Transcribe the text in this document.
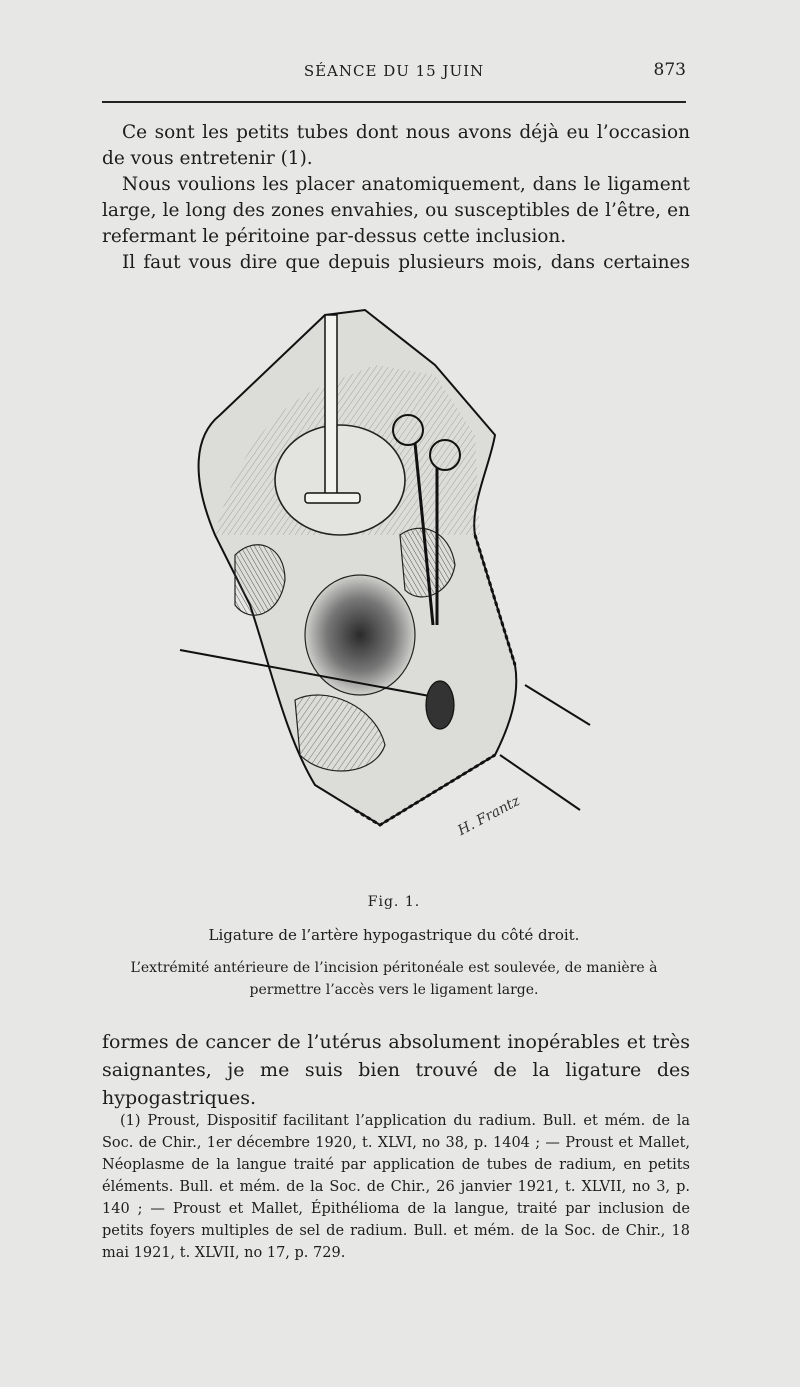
SÉANCE DU 15 JUIN	873

Ce sont les petits tubes dont nous avons déjà eu l’occasion de vous entretenir (1).

Nous voulions les placer anatomiquement, dans le ligament large, le long des zones envahies, ou susceptibles de l’être, en refermant le péritoine par-dessus cette inclusion.

Il faut vous dire que depuis plusieurs mois, dans certaines

H. Frantz
Fig. 1.
Ligature de l’artère hypogastrique du côté droit.
L’extrémité antérieure de l’incision péritonéale est soulevée, de manière à permettre l’accès vers le ligament large.

formes de cancer de l’utérus absolument inopérables et très saignantes, je me suis bien trouvé de la ligature des hypogastriques.

(1) Proust, Dispositif facilitant l’application du radium. Bull. et mém. de la Soc. de Chir., 1er décembre 1920, t. XLVI, no 38, p. 1404 ; — Proust et Mallet, Néoplasme de la langue traité par application de tubes de radium, en petits éléments. Bull. et mém. de la Soc. de Chir., 26 janvier 1921, t. XLVII, no 3, p. 140 ; — Proust et Mallet, Épithélioma de la langue, traité par inclusion de petits foyers multiples de sel de radium. Bull. et mém. de la Soc. de Chir., 18 mai 1921, t. XLVII, no 17, p. 729.
